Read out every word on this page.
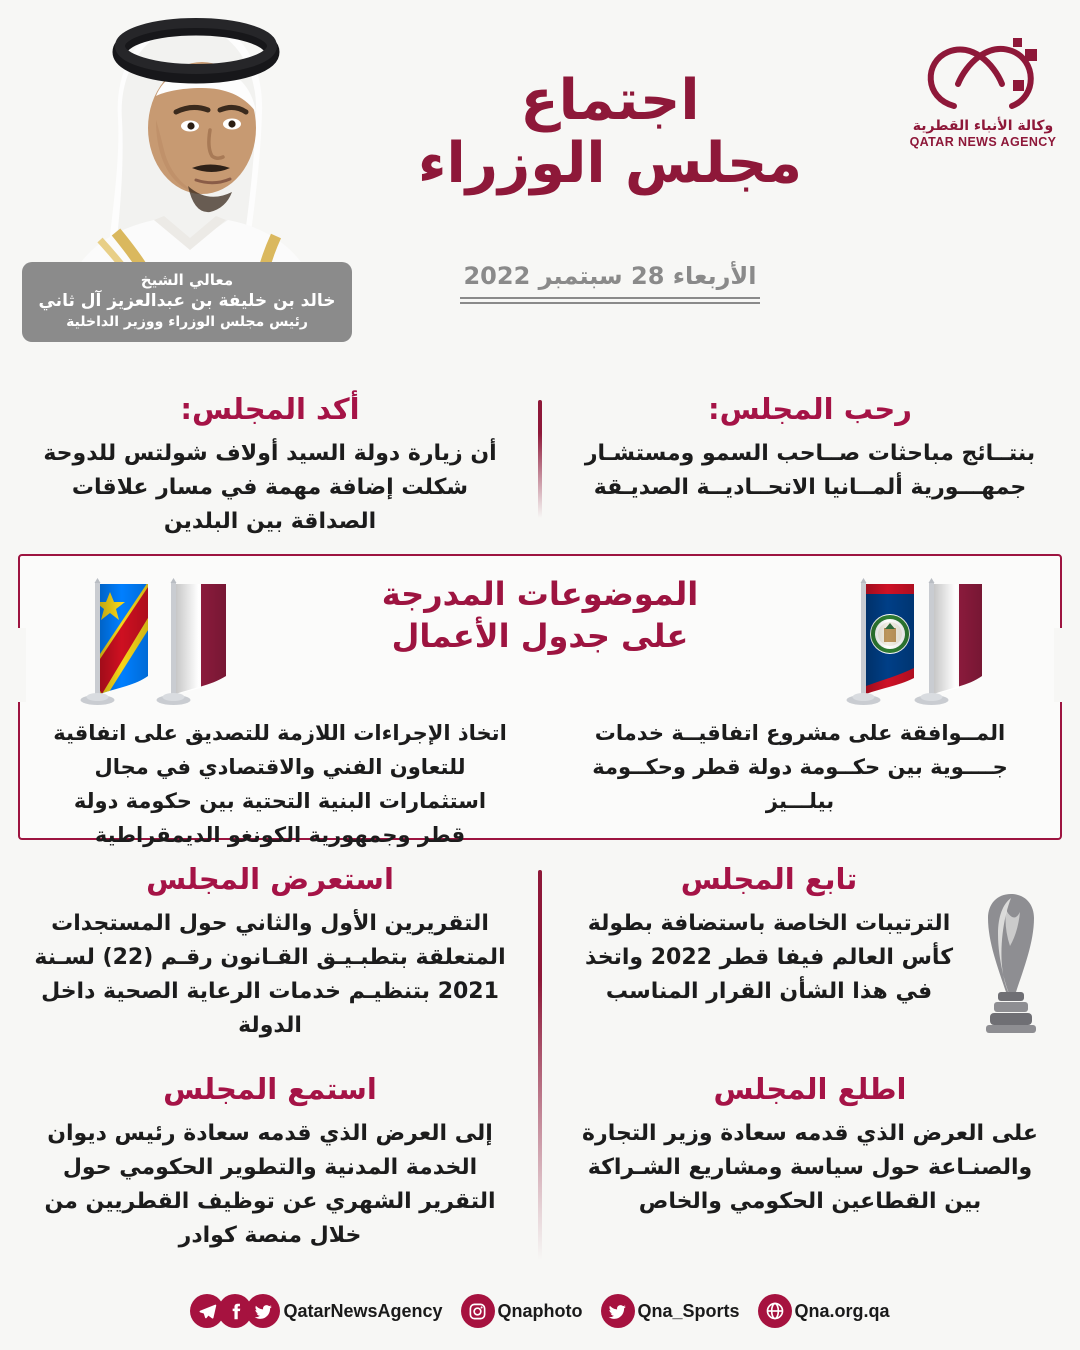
معالي الشيخ
خالد بن خليفة بن عبدالعزيز آل ثاني
رئيس مجلس الوزراء ووزير الداخلية
اجتماع
مجلس الوزراء
الأربعاء 28 سبتمبر 2022
وكالة الأنباء القطرية
QATAR NEWS AGENCY
رحب المجلس:
بنتــائج مباحثات صــاحب السمو ومستشـار جمهـــورية ألمــانيا الاتحــاديــة الصديـقة
أكد المجلس:
أن زيارة دولة السيد أولاف شولتس للدوحة شكلت إضافة مهمة في مسار علاقات الصداقة بين البلدين
الموضوعات المدرجة
على جدول الأعمال
المــوافقة على مشروع اتفاقيــة خدمات جــــوية بين حكــومة دولة قطر وحكــومة بيلـــيز
اتخاذ الإجراءات اللازمة للتصديق على اتفاقية للتعاون الفني والاقتصادي في مجال استثمارات البنية التحتية بين حكومة دولة قطر وجمهورية الكونغو الديمقراطية
تابع المجلس
الترتيبات الخاصة باستضافة بطولة كأس العالم فيفا قطر 2022 واتخذ في هذا الشأن القرار المناسب
استعرض المجلس
التقريرين الأول والثاني حول المستجدات المتعلقة بتطبـيـق القـانون رقـم (22) لسـنة 2021 بتنظيـم خدمات الرعاية الصحية داخل الدولة
اطلع المجلس
على العرض الذي قدمه سعادة وزير التجارة والصنـاعة حول سياسة ومشاريع الشـراكة بين القطاعين الحكومي والخاص
استمع المجلس
إلى العرض الذي قدمه سعادة رئيس ديوان الخدمة المدنية والتطوير الحكومي حول التقرير الشهري عن توظيف القطريين من خلال منصة كوادر
QatarNewsAgency	Qnaphoto	Qna_Sports	Qna.org.qa
